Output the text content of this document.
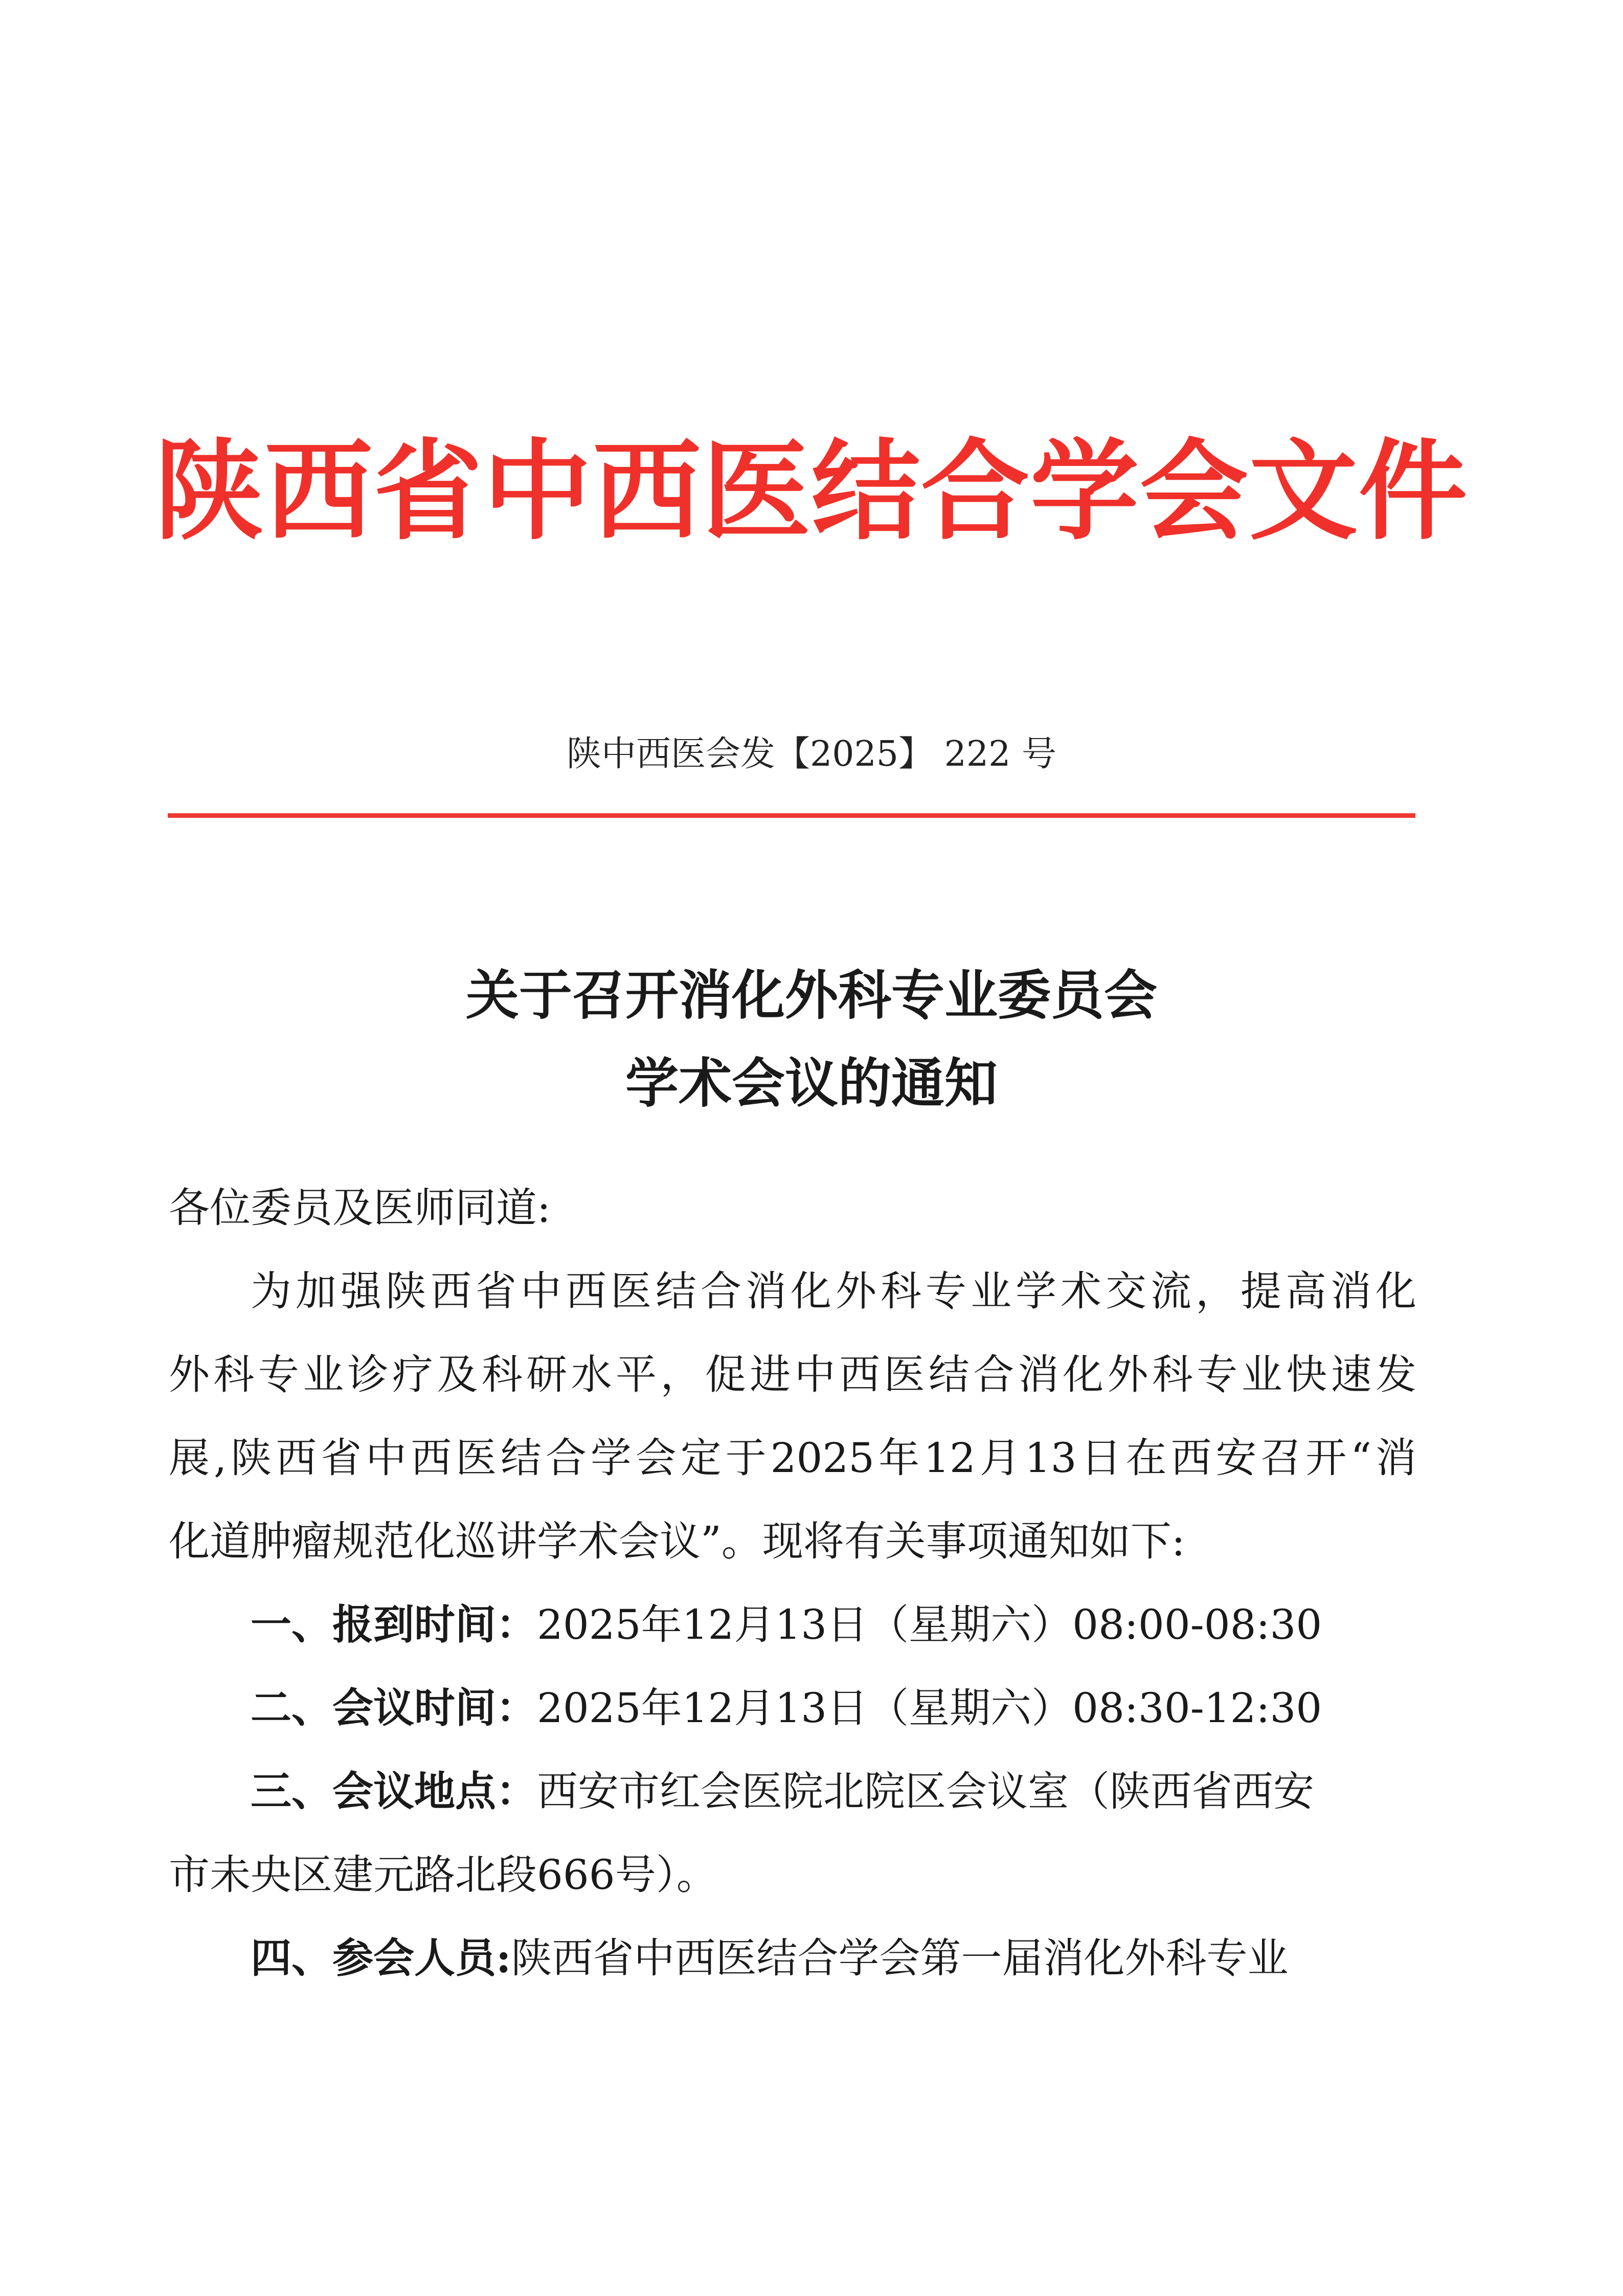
陕西省中西医结合学会文件
陕中西医会发【2025】 222 号
关于召开消化外科专业委员会
学术会议的通知
各位委员及医师同道:
为加强陕西省中西医结合消化外科专业学术交流，提高消化
外科专业诊疗及科研水平，促进中西医结合消化外科专业快速发
展,陕西省中西医结合学会定于2025年12月13日在西安召开“消
化道肿瘤规范化巡讲学术会议”。现将有关事项通知如下:
一、报到时间：2025年12月13日（星期六）08:00-08:30
二、会议时间：2025年12月13日（星期六）08:30-12:30
三、会议地点：西安市红会医院北院区会议室（陕西省西安
市未央区建元路北段666号）。
四、参会人员:陕西省中西医结合学会第一届消化外科专业
